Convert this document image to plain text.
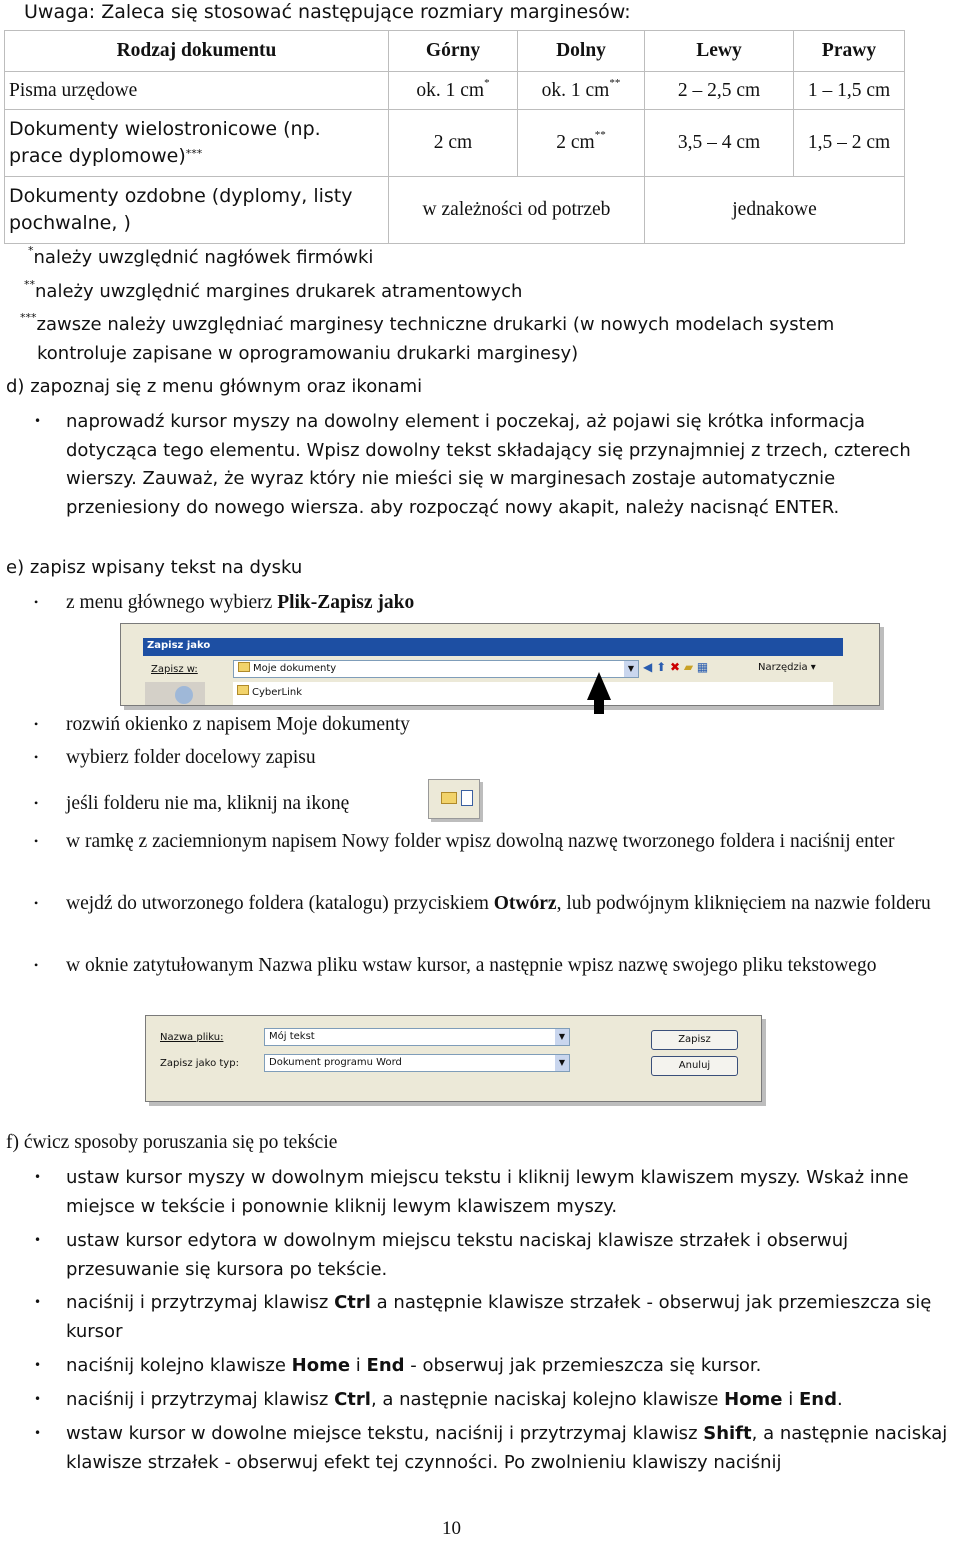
Uwaga: Zaleca się stosować następujące rozmiary marginesów:
Rodzaj dokumentu	Górny	Dolny	Lewy	Prawy
Pisma urzędowe	ok. 1 cm*	ok. 1 cm**	2 – 2,5 cm	1 – 1,5 cm
Dokumenty wielostronicowe (np.
prace dyplomowe)***	2 cm	2 cm**	3,5 – 4 cm	1,5 – 2 cm
Dokumenty ozdobne (dyplomy, listy
pochwalne, )	w zależności od potrzeb		jednakowe	
*należy uwzględnić nagłówek firmówki
**należy uwzględnić margines drukarek atramentowych
***zawsze należy uwzględniać marginesy techniczne drukarki (w nowych modelach system
kontroluje zapisane w oprogramowaniu drukarki marginesy)
d) zapoznaj się z menu głównym oraz ikonami
• naprowadź kursor myszy na dowolny element i poczekaj, aż pojawi się krótka informacja dotycząca tego elementu. Wpisz dowolny tekst składający się przynajmniej z trzech, czterech wierszy. Zauważ, że wyraz który nie mieści się w marginesach zostaje automatycznie przeniesiony do nowego wiersza. aby rozpocząć nowy akapit, należy nacisnąć ENTER.
e) zapisz wpisany tekst na dysku
• z menu głównego wybierz Plik-Zapisz jako
Zapisz jako
Zapisz w:	Moje dokumenty	▼ ◀ ⬆ ✖ ▰ ▦	Narzędzia ▾
CyberLink
• rozwiń okienko z napisem Moje dokumenty
• wybierz folder docelowy zapisu
• jeśli folderu nie ma, kliknij na ikonę
• w ramkę z zaciemnionym napisem Nowy folder wpisz dowolną nazwę tworzonego foldera i naciśnij enter
• wejdź do utworzonego foldera (katalogu) przyciskiem Otwórz, lub podwójnym kliknięciem na nazwie folderu
• w oknie zatytułowanym Nazwa pliku wstaw kursor, a następnie wpisz nazwę swojego pliku tekstowego
Nazwa pliku:	Mój tekst	▼
Zapisz jako typ:	Dokument programu Word	▼
Zapisz
Anuluj
f) ćwicz sposoby poruszania się po tekście
• ustaw kursor myszy w dowolnym miejscu tekstu i kliknij lewym klawiszem myszy. Wskaż inne miejsce w tekście i ponownie kliknij lewym klawiszem myszy.
• ustaw kursor edytora w dowolnym miejscu tekstu naciskaj klawisze strzałek i obserwuj przesuwanie się kursora po tekście.
• naciśnij i przytrzymaj klawisz Ctrl a następnie klawisze strzałek - obserwuj jak przemieszcza się kursor
• naciśnij kolejno klawisze Home i End - obserwuj jak przemieszcza się kursor.
• naciśnij i przytrzymaj klawisz Ctrl, a następnie naciskaj kolejno klawisze Home i End.
• wstaw kursor w dowolne miejsce tekstu, naciśnij i przytrzymaj klawisz Shift, a następnie naciskaj klawisze strzałek - obserwuj efekt tej czynności. Po zwolnieniu klawiszy naciśnij
10
